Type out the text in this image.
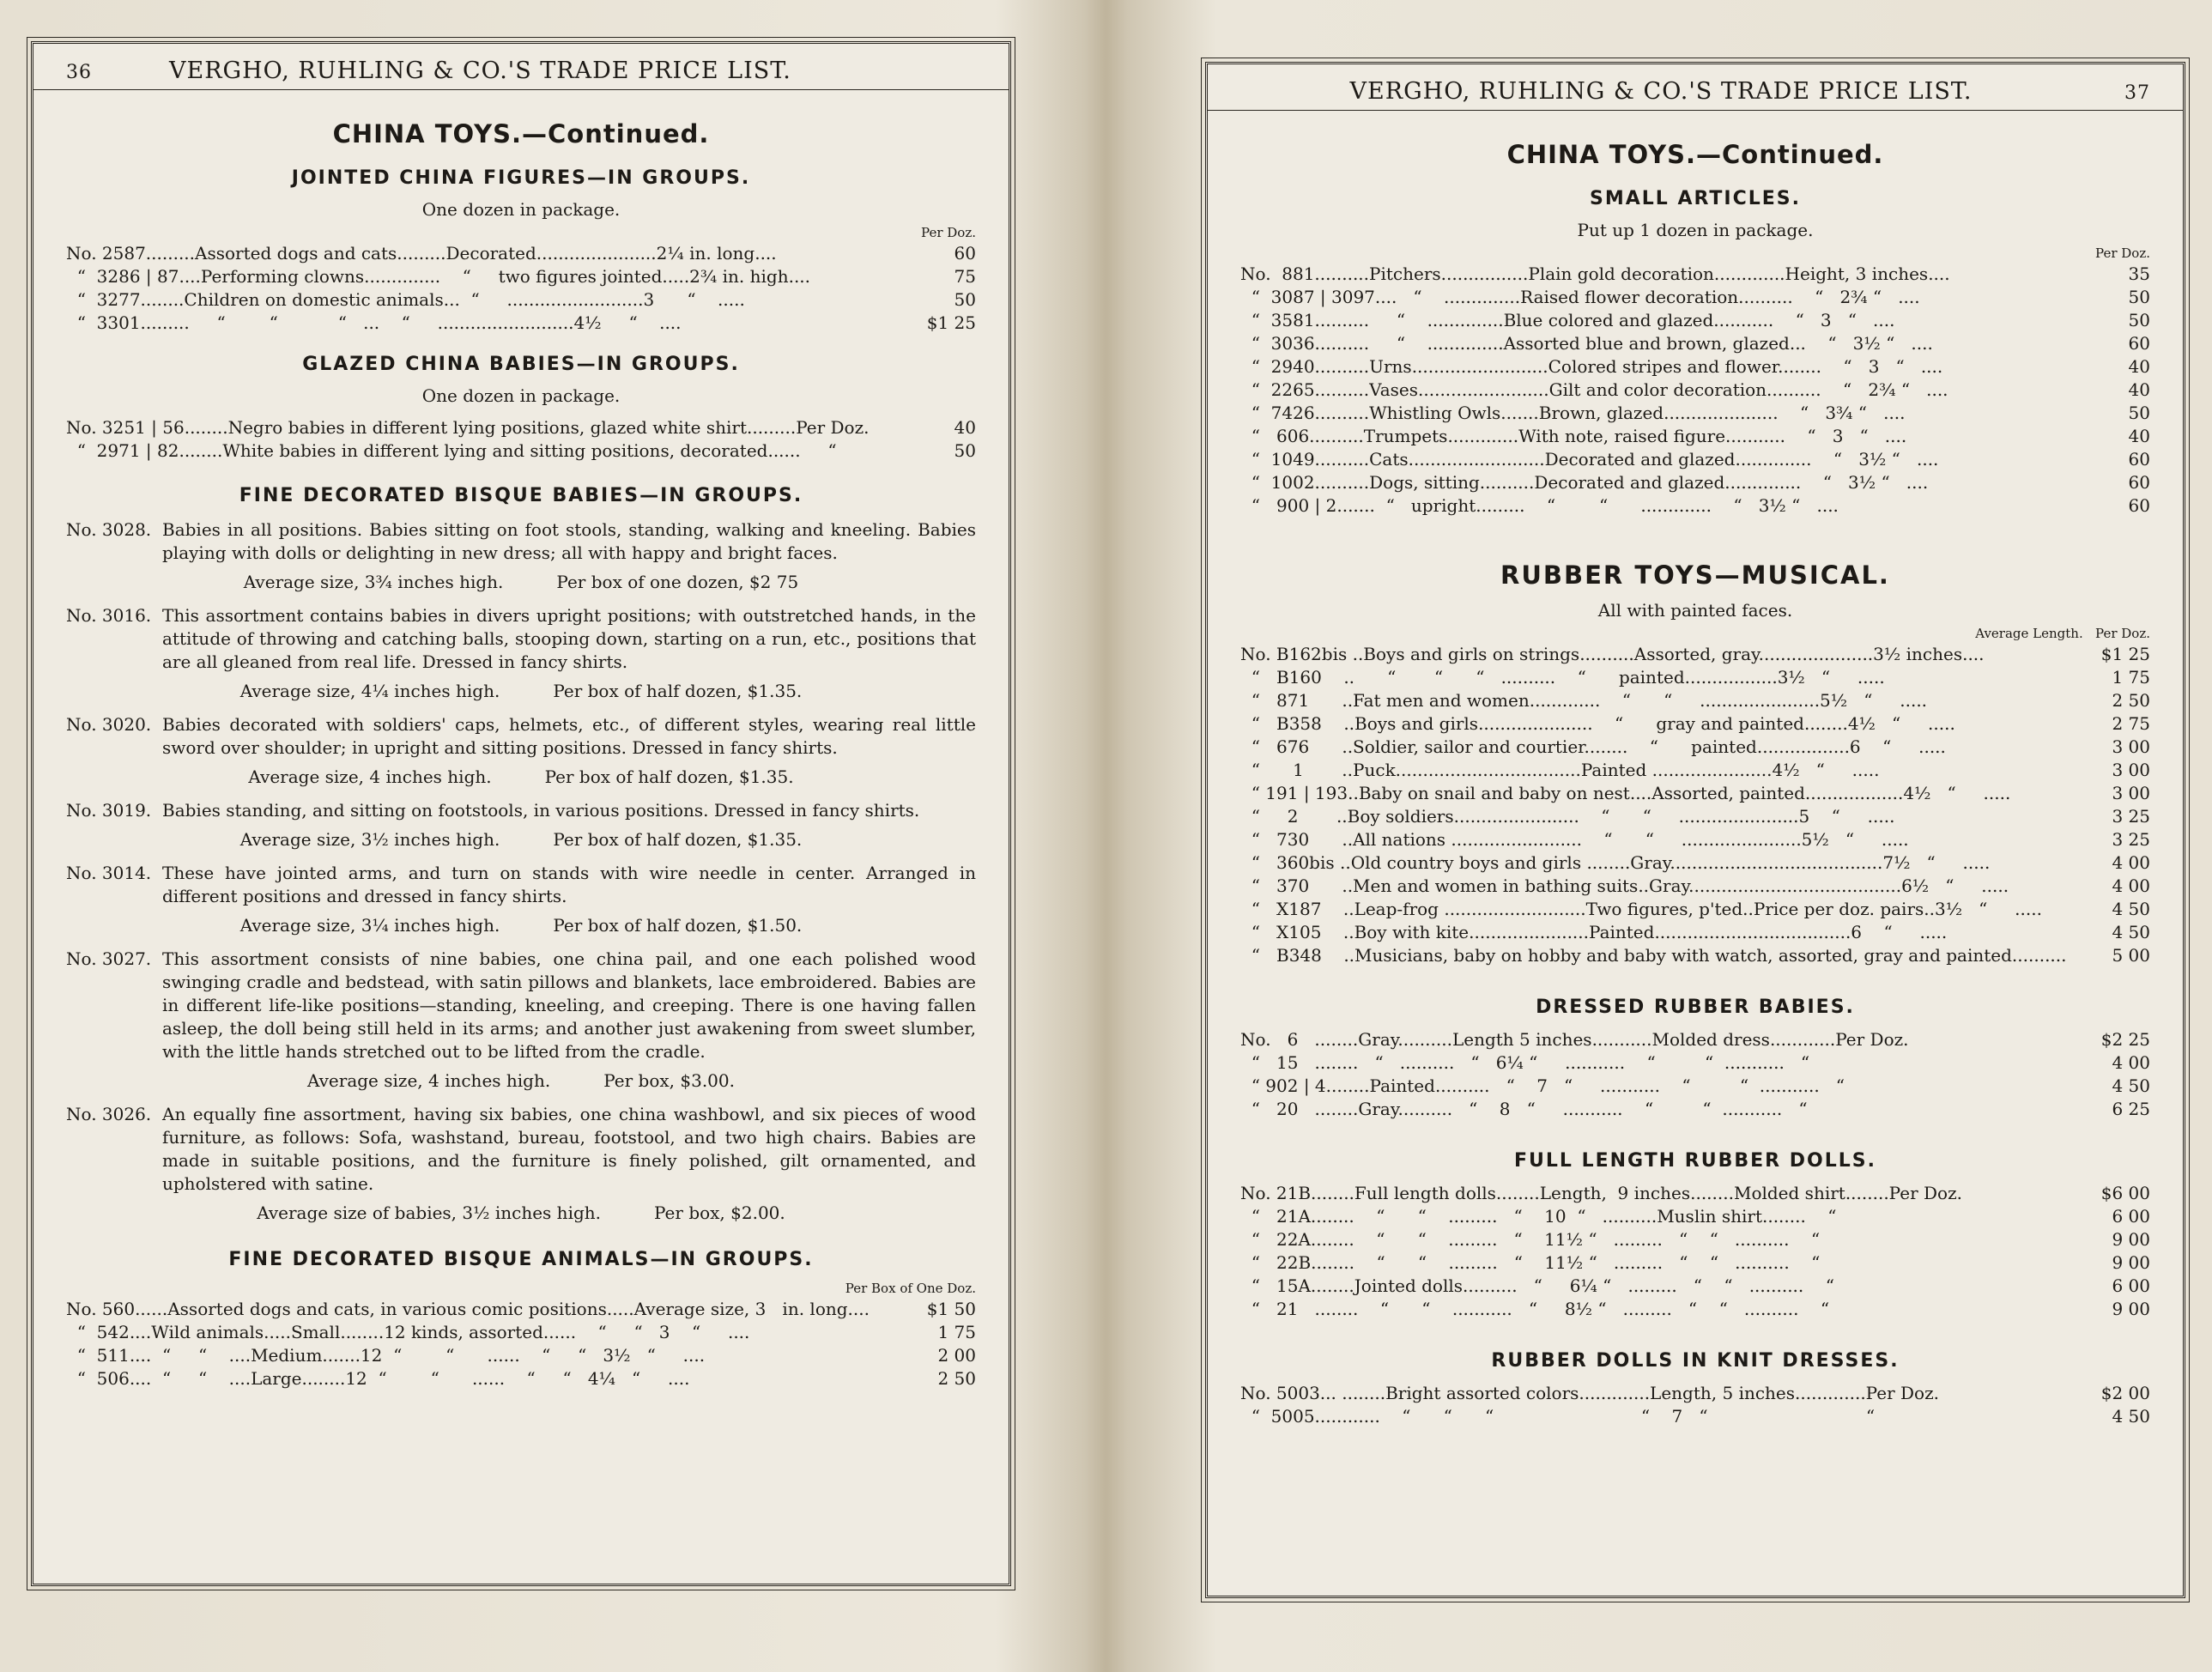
36	VERGHO, RUHLING & CO.'S TRADE PRICE LIST.
CHINA TOYS.—Continued.
JOINTED CHINA FIGURES—IN GROUPS.
One dozen in package.
Per Doz.
No. 2587.........Assorted dogs and cats.........Decorated......................2¼ in. long....	60
“  3286 | 87....Performing clowns..............    “     two figures jointed.....2¾ in. high....	75
“  3277........Children on domestic animals...  “     .........................3      “    .....	50
“  3301.........     “        “           “   ...    “     .........................4½     “    ....	$1 25
GLAZED CHINA BABIES—IN GROUPS.
One dozen in package.
No. 3251 | 56........Negro babies in different lying positions, glazed white shirt.........Per Doz.	40
“  2971 | 82........White babies in different lying and sitting positions, decorated......     “	50
FINE DECORATED BISQUE BABIES—IN GROUPS.
No. 3028. Babies in all positions. Babies sitting on foot stools, standing, walking and kneeling. Babies playing with dolls or delighting in new dress; all with happy and bright faces.
Average size, 3¾ inches high.	Per box of one dozen, $2 75
No. 3016. This assortment contains babies in divers upright positions; with outstretched hands, in the attitude of throwing and catching balls, stooping down, starting on a run, etc., positions that are all gleaned from real life. Dressed in fancy shirts.
Average size, 4¼ inches high.	Per box of half dozen, $1.35.
No. 3020. Babies decorated with soldiers' caps, helmets, etc., of different styles, wearing real little sword over shoulder; in upright and sitting positions. Dressed in fancy shirts.
Average size, 4 inches high.	Per box of half dozen, $1.35.
No. 3019. Babies standing, and sitting on footstools, in various positions. Dressed in fancy shirts.
Average size, 3½ inches high.	Per box of half dozen, $1.35.
No. 3014. These have jointed arms, and turn on stands with wire needle in center. Arranged in different positions and dressed in fancy shirts.
Average size, 3¼ inches high.	Per box of half dozen, $1.50.
No. 3027. This assortment consists of nine babies, one china pail, and one each polished wood swinging cradle and bedstead, with satin pillows and blankets, lace embroidered. Babies are in different life-like positions—standing, kneeling, and creeping. There is one having fallen asleep, the doll being still held in its arms; and another just awakening from sweet slumber, with the little hands stretched out to be lifted from the cradle.
Average size, 4 inches high.	Per box, $3.00.
No. 3026. An equally fine assortment, having six babies, one china washbowl, and six pieces of wood furniture, as follows: Sofa, washstand, bureau, footstool, and two high chairs. Babies are made in suitable positions, and the furniture is finely polished, gilt ornamented, and upholstered with satine.
Average size of babies, 3½ inches high.	Per box, $2.00.
FINE DECORATED BISQUE ANIMALS—IN GROUPS.
Per Box of One Doz.
No. 560......Assorted dogs and cats, in various comic positions.....Average size, 3   in. long....	$1 50
“  542....Wild animals.....Small........12 kinds, assorted......    “     “   3    “     ....	1 75
“  511....  “     “    ....Medium.......12  “        “      ......    “     “   3½   “     ....	2 00
“  506....  “     “    ....Large........12  “        “      ......    “     “   4¼   “     ....	2 50
VERGHO, RUHLING & CO.'S TRADE PRICE LIST.	37
CHINA TOYS.—Continued.
SMALL ARTICLES.
Put up 1 dozen in package.
Per Doz.
No.  881..........Pitchers................Plain gold decoration.............Height, 3 inches....	35
“  3087 | 3097....   “    ..............Raised flower decoration..........    “   2¾ “   ....	50
“  3581..........     “    ..............Blue colored and glazed...........    “   3   “   ....	50
“  3036..........     “    ..............Assorted blue and brown, glazed...    “   3½ “   ....	60
“  2940..........Urns.........................Colored stripes and flower........    “   3   “   ....	40
“  2265..........Vases........................Gilt and color decoration..........    “   2¾ “   ....	40
“  7426..........Whistling Owls.......Brown, glazed.....................    “   3¾ “   ....	50
“   606..........Trumpets.............With note, raised figure...........    “   3   “   ....	40
“  1049..........Cats.........................Decorated and glazed..............    “   3½ “   ....	60
“  1002..........Dogs, sitting..........Decorated and glazed..............    “   3½ “   ....	60
“   900 | 2.......  “   upright.........    “        “      .............    “   3½ “   ....	60
RUBBER TOYS—MUSICAL.
All with painted faces.
Average Length.   Per Doz.
No. B162bis ..Boys and girls on strings..........Assorted, gray.....................3½ inches....	$1 25
“   B160    ..      “       “      “   ..........    “      painted.................3½   “     .....	1 75
“   871      ..Fat men and women.............    “      “     ......................5½   “     .....	2 50
“   B358    ..Boys and girls.....................    “      gray and painted........4½   “     .....	2 75
“   676      ..Soldier, sailor and courtier........    “      painted.................6    “     .....	3 00
“      1       ..Puck..................................Painted ......................4½   “     .....	3 00
“ 191 | 193..Baby on snail and baby on nest....Assorted, painted..................4½   “     .....	3 00
“     2       ..Boy soldiers.......................    “      “     ......................5    “     .....	3 25
“   730      ..All nations ........................    “      “     ......................5½   “     .....	3 25
“   360bis ..Old country boys and girls ........Gray.......................................7½   “     .....	4 00
“   370      ..Men and women in bathing suits..Gray.......................................6½   “     .....	4 00
“   X187    ..Leap-frog ..........................Two figures, p'ted..Price per doz. pairs..3½   “     .....	4 50
“   X105    ..Boy with kite......................Painted....................................6    “     .....	4 50
“   B348    ..Musicians, baby on hobby and baby with watch, assorted, gray and painted..........	5 00
DRESSED RUBBER BABIES.
No.   6   ........Gray..........Length 5 inches...........Molded dress............Per Doz.	$2 25
“   15   ........   “   ..........   “   6¼ “     ...........    “         “  ...........   “	4 00
“ 902 | 4........Painted..........   “    7   “     ...........    “         “  ...........   “	4 50
“   20   ........Gray..........   “    8   “     ...........    “         “  ...........   “	6 25
FULL LENGTH RUBBER DOLLS.
No. 21B........Full length dolls........Length,  9 inches........Molded shirt........Per Doz.	$6 00
“   21A........    “      “    .........   “    10  “   ..........Muslin shirt........    “	6 00
“   22A........    “      “    .........   “    11½ “   .........   “    “   ..........    “	9 00
“   22B........    “      “    .........   “    11½ “   .........   “    “   ..........    “	9 00
“   15A........Jointed dolls..........   “     6¼ “   .........   “    “   ..........    “	6 00
“   21   ........    “      “    ...........   “     8½ “   .........   “    “   ..........    “	9 00
RUBBER DOLLS IN KNIT DRESSES.
No. 5003... ........Bright assorted colors.............Length, 5 inches.............Per Doz.	$2 00
“  5005............    “      “      “                           “    7   “                             “	4 50
